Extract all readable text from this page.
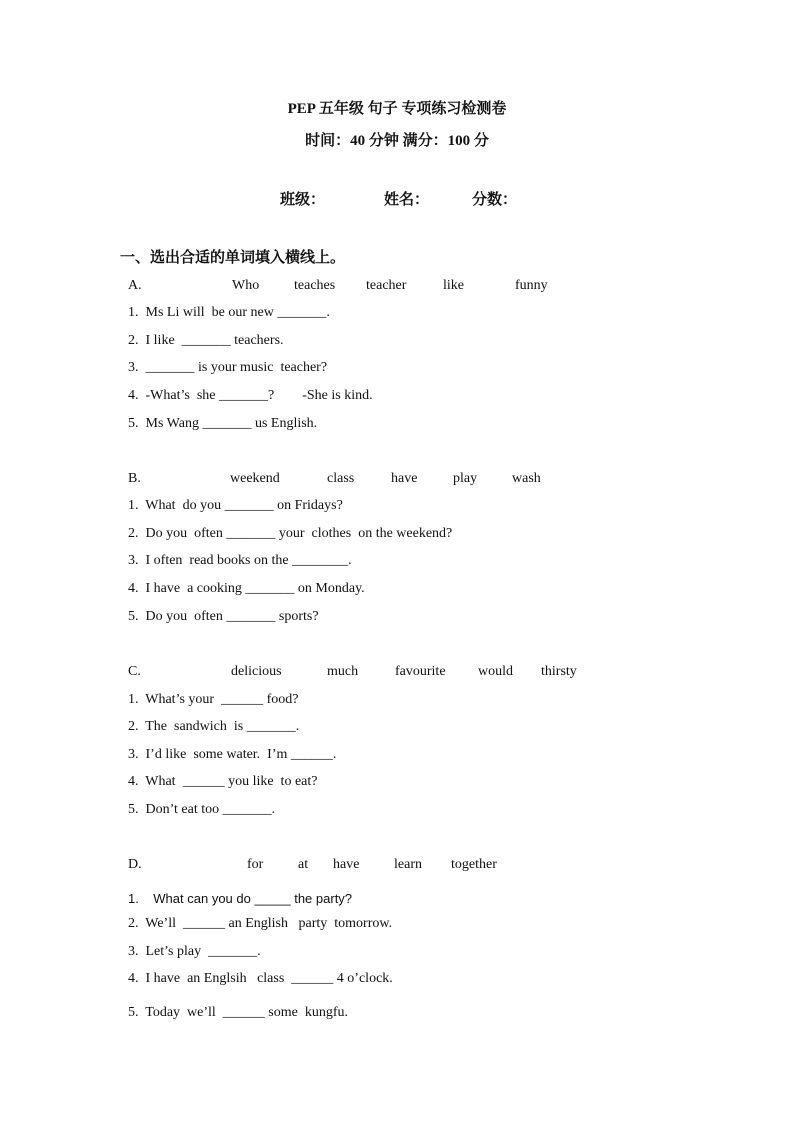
PEP 五年级 句子 专项练习检测卷
时间：40 分钟 满分：100 分
班级：	姓名：	分数：
一、选出合适的单词填入横线上。
A.	Who teaches teacher	like	funny
1.  Ms Li will  be our new _______.
2.  I like  _______ teachers.
3.  _______ is your music  teacher?
4.  -What’s  she _______?        -She is kind.
5.  Ms Wang _______ us English.
B.	weekend	class	have	play wash
1.  What  do you _______ on Fridays?
2.  Do you  often _______ your  clothes  on the weekend?
3.  I often  read books on the ________.
4.  I have  a cooking _______ on Monday.
5.  Do you  often _______ sports?
C.	delicious	much	favourite would thirsty
1.  What’s your  ______ food?
2.  The  sandwich  is _______.
3.  I’d like  some water.  I’m ______.
4.  What  ______ you like  to eat?
5.  Don’t eat too _______.
D.	for at have learn together
1.    What can you do _____ the party?
2.  We’ll  ______ an English   party  tomorrow.
3.  Let’s play  _______.
4.  I have  an Englsih   class  ______ 4 o’clock.
5.  Today  we’ll  ______ some  kungfu.
